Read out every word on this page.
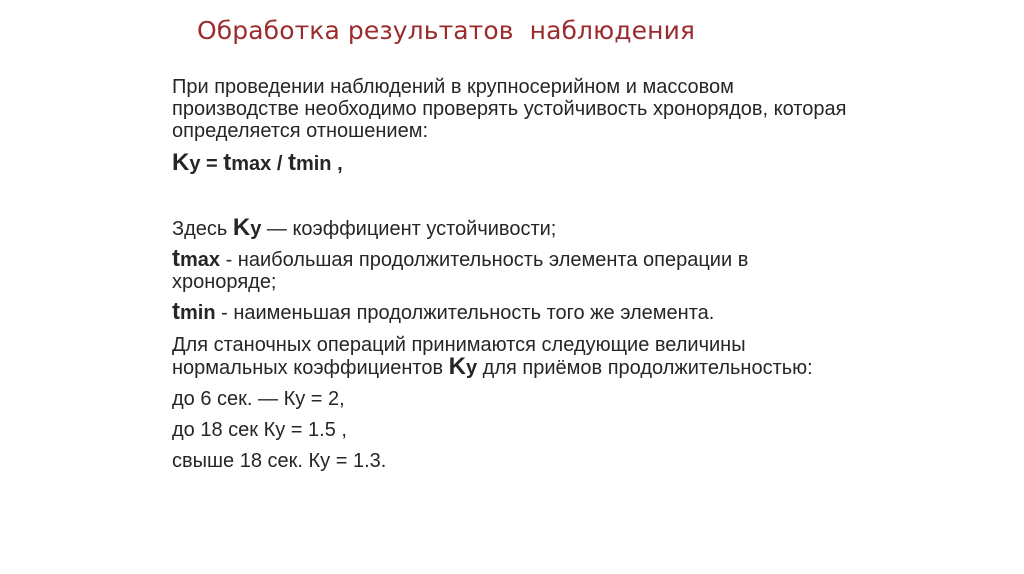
Обработка результатов  наблюдения

При проведении наблюдений в крупносерийном и массовом производстве необходимо проверять устойчивость хронорядов, которая определяется отношением:

Ky = tmax / tmin ,

Здесь Ky — коэффициент устойчивости;

tmax - наибольшая продолжительность элемента операции в хроноряде;

tmin - наименьшая продолжительность того же элемента.

Для станочных операций принимаются следующие величины нормальных коэффициентов Ky для приёмов продолжительностью:

до 6 сек. — Ку = 2,

до 18 сек Ку = 1.5 ,

свыше 18 сек. Ку = 1.3.
